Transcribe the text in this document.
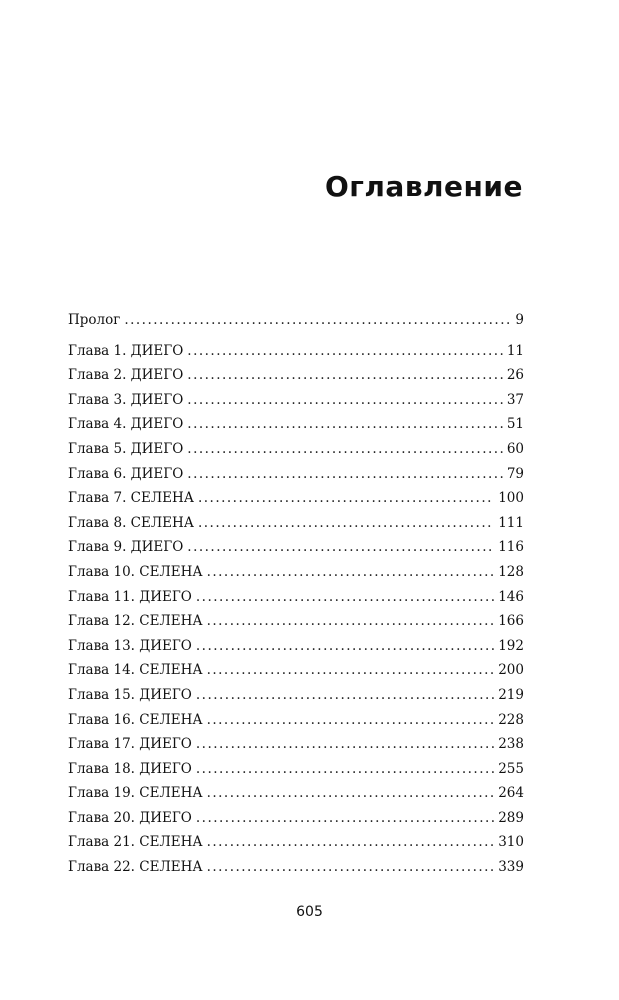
Оглавление
Пролог . . .	9
Глава 1. ДИЕГО . . .	11
Глава 2. ДИЕГО . . .	26
Глава 3. ДИЕГО . . .	37
Глава 4. ДИЕГО . . .	51
Глава 5. ДИЕГО . . .	60
Глава 6. ДИЕГО . . .	79
Глава 7. СЕЛЕНА . . .	100
Глава 8. СЕЛЕНА . . .	111
Глава 9. ДИЕГО . . .	116
Глава 10. СЕЛЕНА . . .	128
Глава 11. ДИЕГО . . .	146
Глава 12. СЕЛЕНА . . .	166
Глава 13. ДИЕГО . . .	192
Глава 14. СЕЛЕНА . . .	200
Глава 15. ДИЕГО . . .	219
Глава 16. СЕЛЕНА . . .	228
Глава 17. ДИЕГО . . .	238
Глава 18. ДИЕГО . . .	255
Глава 19. СЕЛЕНА . . .	264
Глава 20. ДИЕГО . . .	289
Глава 21. СЕЛЕНА . . .	310
Глава 22. СЕЛЕНА . . .	339
605
